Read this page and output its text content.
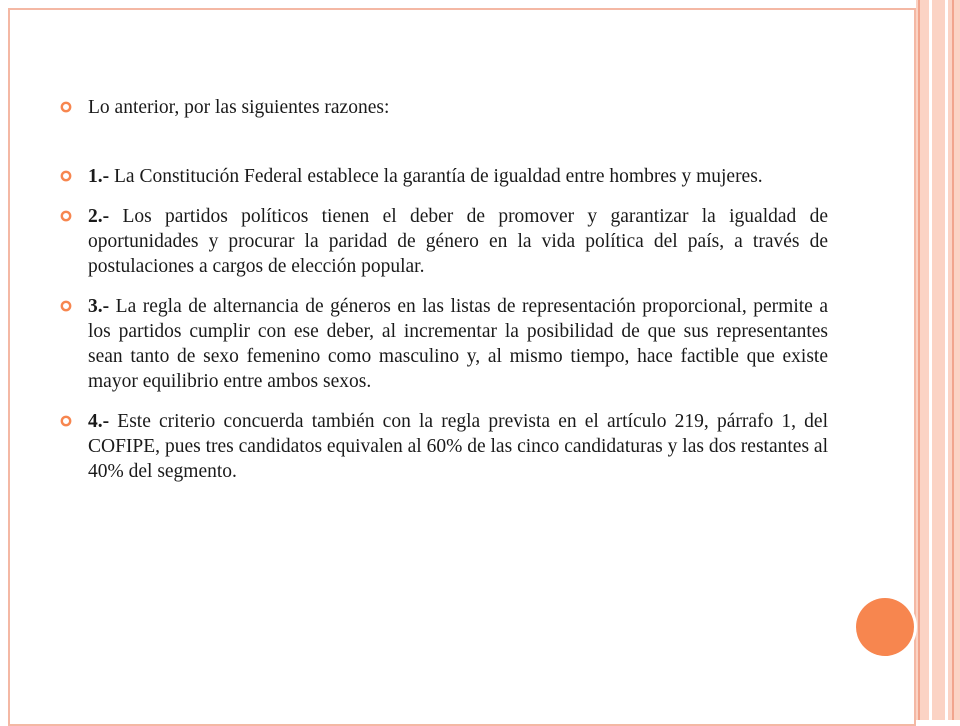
Lo anterior, por las siguientes razones:

1.- La Constitución Federal establece la garantía de igualdad entre hombres y mujeres.

2.- Los partidos políticos tienen el deber de promover y garantizar la igualdad de oportunidades y procurar la paridad de género en la vida política del país, a través de postulaciones a cargos de elección popular.

3.- La regla de alternancia de géneros en las listas de representación proporcional, permite a los partidos cumplir con ese deber, al incrementar la posibilidad de que sus representantes sean tanto de sexo femenino como masculino y, al mismo tiempo, hace factible que existe mayor equilibrio entre ambos sexos.

4.- Este criterio concuerda también con la regla prevista en el artículo 219, párrafo 1, del COFIPE, pues tres candidatos equivalen al 60% de las cinco candidaturas y las dos restantes al 40% del segmento.
